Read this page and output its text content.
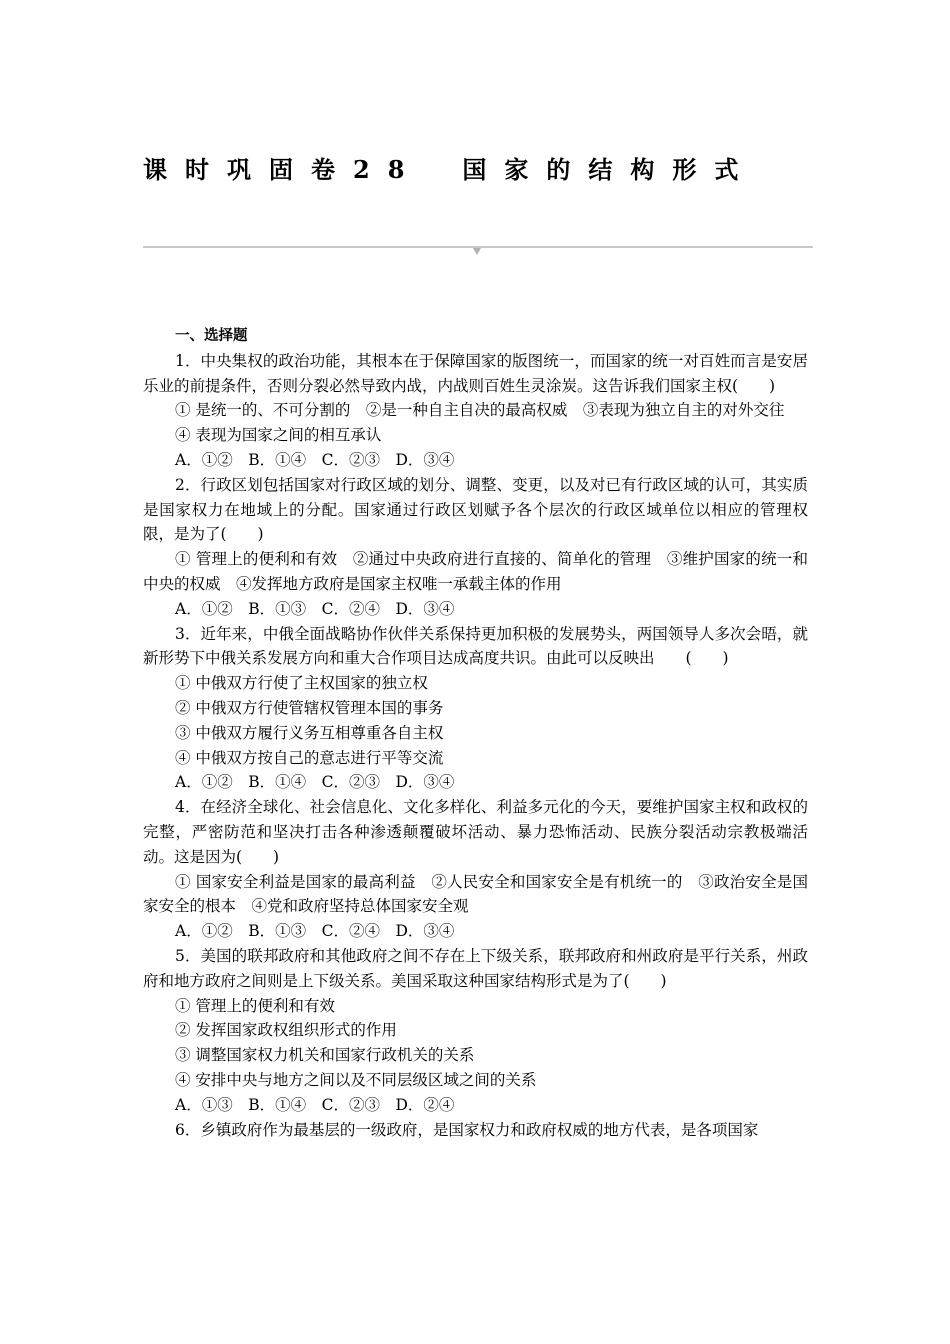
课时巩固卷28 国家的结构形式

一、选择题

1．中央集权的政治功能，其根本在于保障国家的版图统一，而国家的统一对百姓而言是安居乐业的前提条件，否则分裂必然导致内战，内战则百姓生灵涂炭。这告诉我们国家主权(　　)

① 是统一的、不可分割的　②是一种自主自决的最高权威　③表现为独立自主的对外交往

④ 表现为国家之间的相互承认

A．①②　B．①④　C．②③　D．③④

2．行政区划包括国家对行政区域的划分、调整、变更，以及对已有行政区域的认可，其实质是国家权力在地域上的分配。国家通过行政区划赋予各个层次的行政区域单位以相应的管理权限，是为了(　　)

① 管理上的便利和有效　②通过中央政府进行直接的、简单化的管理　③维护国家的统一和中央的权威　④发挥地方政府是国家主权唯一承载主体的作用

A．①②　B．①③　C．②④　D．③④

3．近年来，中俄全面战略协作伙伴关系保持更加积极的发展势头，两国领导人多次会晤，就新形势下中俄关系发展方向和重大合作项目达成高度共识。由此可以反映出　　(　　)

① 中俄双方行使了主权国家的独立权

② 中俄双方行使管辖权管理本国的事务

③ 中俄双方履行义务互相尊重各自主权

④ 中俄双方按自己的意志进行平等交流

A．①②　B．①④　C．②③　D．③④

4．在经济全球化、社会信息化、文化多样化、利益多元化的今天，要维护国家主权和政权的完整，严密防范和坚决打击各种渗透颠覆破坏活动、暴力恐怖活动、民族分裂活动宗教极端活动。这是因为(　　)

① 国家安全利益是国家的最高利益　②人民安全和国家安全是有机统一的　③政治安全是国家安全的根本　④党和政府坚持总体国家安全观

A．①②　B．①③　C．②④　D．③④

5．美国的联邦政府和其他政府之间不存在上下级关系，联邦政府和州政府是平行关系，州政府和地方政府之间则是上下级关系。美国采取这种国家结构形式是为了(　　)

① 管理上的便利和有效

② 发挥国家政权组织形式的作用

③ 调整国家权力机关和国家行政机关的关系

④ 安排中央与地方之间以及不同层级区域之间的关系

A．①③　B．①④　C．②③　D．②④

6．乡镇政府作为最基层的一级政府，是国家权力和政府权威的地方代表，是各项国家
